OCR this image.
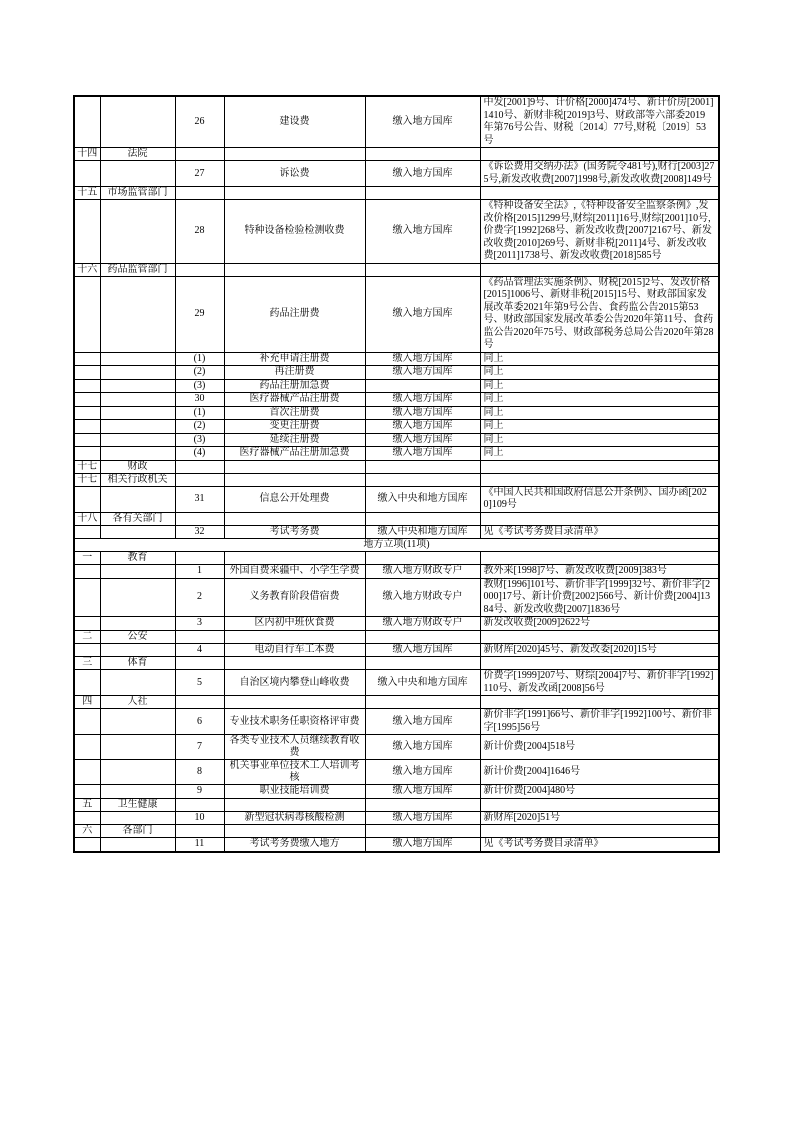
		26	建设费	缴入地方国库	中发[2001]9号、计价格[2000]474号、新计价房[2001]1410号、新财非税[2019]3号、财政部等六部委2019年第76号公告、财税〔2014〕77号,财税〔2019〕53号
十四	法院				
		27	诉讼费	缴入地方国库	《诉讼费用交纳办法》(国务院令481号),财行[2003]275号,新发改收费[2007]1998号,新发改收费[2008]149号
十五	市场监管部门				
		28	特种设备检验检测收费	缴入地方国库	《特种设备安全法》,《特种设备安全监察条例》,发改价格[2015]1299号,财综[2011]16号,财综[2001]10号,价费字[1992]268号、新发改收费[2007]2167号、新发改收费[2010]269号、新财非税[2011]4号、新发改收费[2011]1738号、新发改收费[2018]585号
十六	药品监管部门				
		29	药品注册费	缴入地方国库	《药品管理法实施条例》、财税[2015]2号、发改价格[2015]1006号、新财非税[2015]15号、财政部国家发展改革委2021年第9号公告、食药监公告2015第53号、财政部国家发展改革委公告2020年第11号、食药监公告2020年75号、财政部税务总局公告2020年第28号
		(1)	补充申请注册费	缴入地方国库	同上
		(2)	再注册费	缴入地方国库	同上
		(3)	药品注册加急费		同上
		30	医疗器械产品注册费	缴入地方国库	同上
		(1)	首次注册费	缴入地方国库	同上
		(2)	变更注册费	缴入地方国库	同上
		(3)	延续注册费	缴入地方国库	同上
		(4)	医疗器械产品注册加急费	缴入地方国库	同上
十七	财政				
十七	相关行政机关				
		31	信息公开处理费	缴入中央和地方国库	《中国人民共和国政府信息公开条例》、国办函[2020]109号
十八	各有关部门				
		32	考试考务费	缴入中央和地方国库	见《考试考务费目录清单》
地方立项(11项)					
一	教育				
		1	外国自费来疆中、小学生学费	缴入地方财政专户	教外来[1998]7号、新发改收费[2009]383号
		2	义务教育阶段借宿费	缴入地方财政专户	教财[1996]101号、新价非字[1999]32号、新价非字[2000]17号、新计价费[2002]566号、新计价费[2004]1384号、新发改收费[2007]1836号
		3	区内初中班伙食费	缴入地方财政专户	新发改收费[2009]2622号
二	公安				
		4	电动自行车工本费	缴入地方国库	新财库[2020]45号、新发改委[2020]15号
三	体育				
		5	自治区境内攀登山峰收费	缴入中央和地方国库	价费字[1999]207号、财综[2004]7号、新价非字[1992]110号、新发改函[2008]56号
四	人社				
		6	专业技术职务任职资格评审费	缴入地方国库	新价非字[1991]66号、新价非字[1992]100号、新价非字[1995]56号
		7	各类专业技术人员继续教育收费	缴入地方国库	新计价费[2004]518号
		8	机关事业单位技术工人培训考核	缴入地方国库	新计价费[2004]1646号
		9	职业技能培训费	缴入地方国库	新计价费[2004]480号
五	卫生健康				
		10	新型冠状病毒核酸检测	缴入地方国库	新财库[2020]51号
六	各部门				
		11	考试考务费缴入地方	缴入地方国库	见《考试考务费目录清单》
